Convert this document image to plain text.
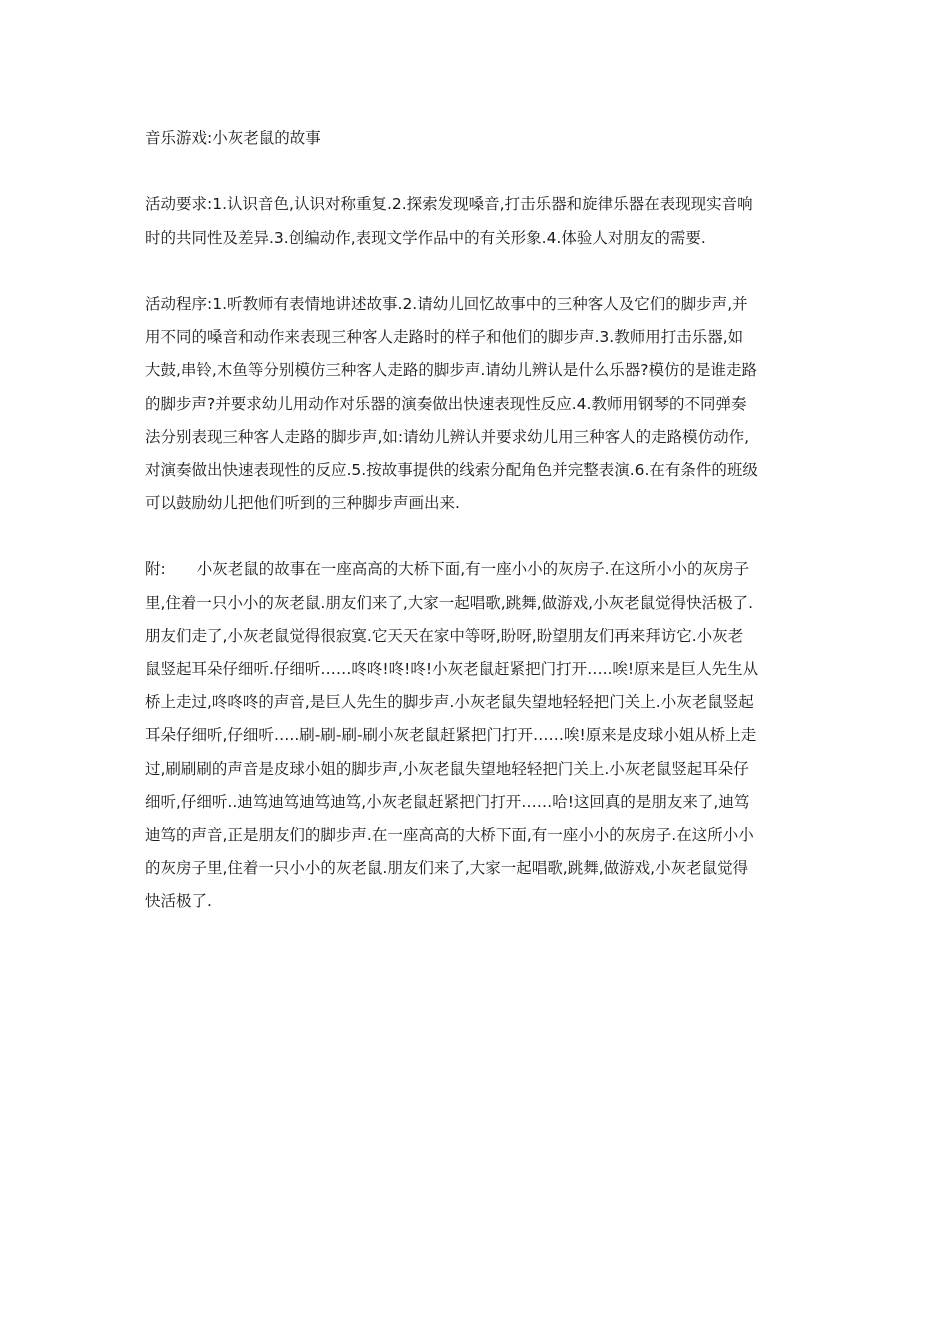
音乐游戏:小灰老鼠的故事
活动要求:1.认识音色,认识对称重复.2.探索发现嗓音,打击乐器和旋律乐器在表现现实音响
时的共同性及差异.3.创编动作,表现文学作品中的有关形象.4.体验人对朋友的需要.
活动程序:1.听教师有表情地讲述故事.2.请幼儿回忆故事中的三种客人及它们的脚步声,并
用不同的嗓音和动作来表现三种客人走路时的样子和他们的脚步声.3.教师用打击乐器,如
大鼓,串铃,木鱼等分别模仿三种客人走路的脚步声.请幼儿辨认是什么乐器?模仿的是谁走路
的脚步声?并要求幼儿用动作对乐器的演奏做出快速表现性反应.4.教师用钢琴的不同弹奏
法分别表现三种客人走路的脚步声,如:请幼儿辨认并要求幼儿用三种客人的走路模仿动作,
对演奏做出快速表现性的反应.5.按故事提供的线索分配角色并完整表演.6.在有条件的班级
可以鼓励幼儿把他们听到的三种脚步声画出来.
附:　　小灰老鼠的故事在一座高高的大桥下面,有一座小小的灰房子.在这所小小的灰房子
里,住着一只小小的灰老鼠.朋友们来了,大家一起唱歌,跳舞,做游戏,小灰老鼠觉得快活极了.
朋友们走了,小灰老鼠觉得很寂寞.它天天在家中等呀,盼呀,盼望朋友们再来拜访它.小灰老
鼠竖起耳朵仔细听.仔细听……咚咚!咚!咚!小灰老鼠赶紧把门打开…..唉!原来是巨人先生从
桥上走过,咚咚咚的声音,是巨人先生的脚步声.小灰老鼠失望地轻轻把门关上.小灰老鼠竖起
耳朵仔细听,仔细听…..刷-刷-刷-刷小灰老鼠赶紧把门打开……唉!原来是皮球小姐从桥上走
过,刷刷刷的声音是皮球小姐的脚步声,小灰老鼠失望地轻轻把门关上.小灰老鼠竖起耳朵仔
细听,仔细听..迪笃迪笃迪笃迪笃,小灰老鼠赶紧把门打开……哈!这回真的是朋友来了,迪笃
迪笃的声音,正是朋友们的脚步声.在一座高高的大桥下面,有一座小小的灰房子.在这所小小
的灰房子里,住着一只小小的灰老鼠.朋友们来了,大家一起唱歌,跳舞,做游戏,小灰老鼠觉得
快活极了.
